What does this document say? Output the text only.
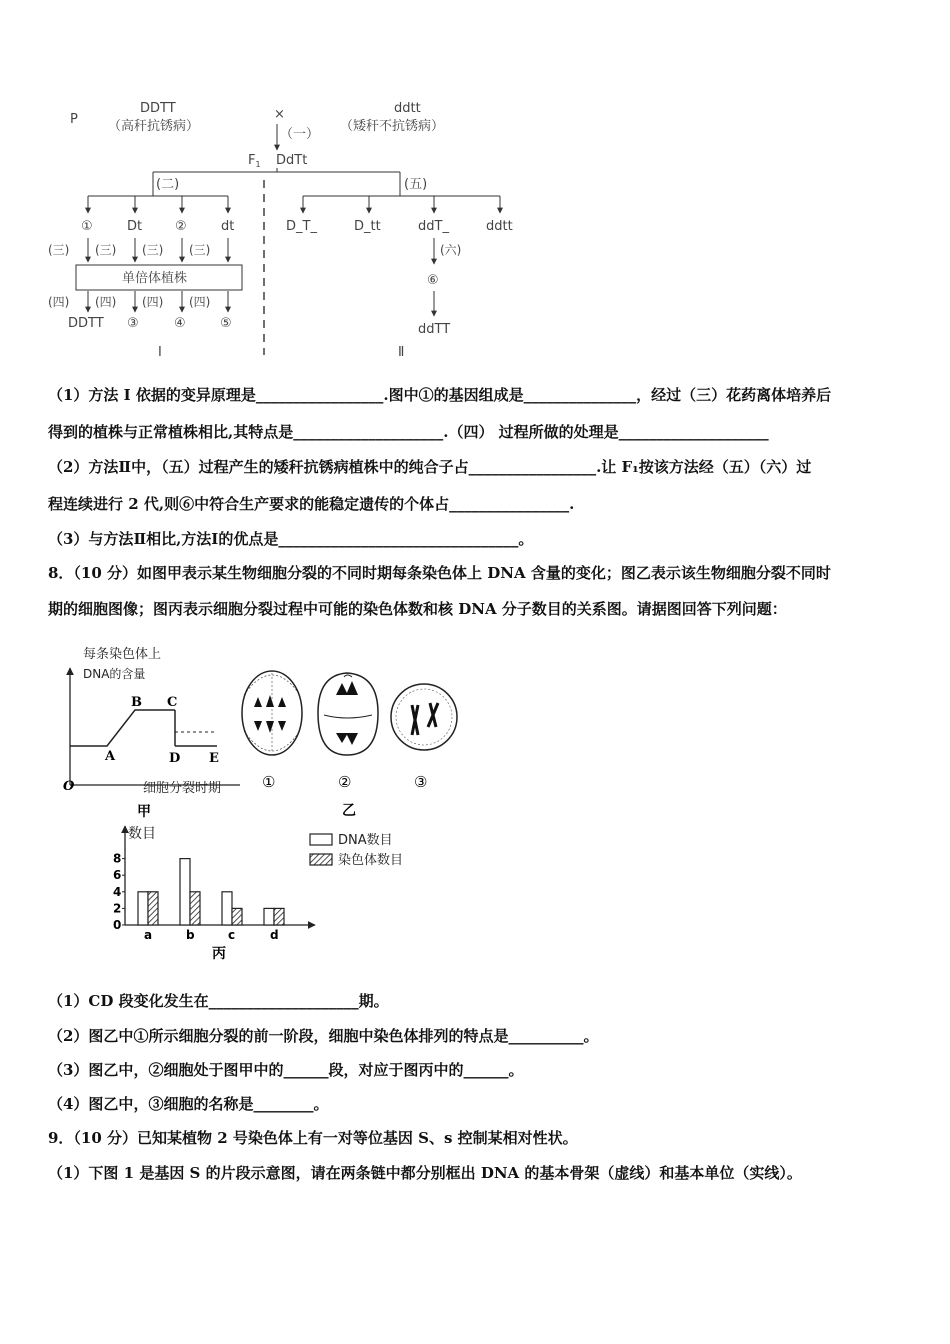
P
DDTT
（高秆抗锈病）
×
（一）
ddtt
（矮秆不抗锈病）
$F_1$ DdTt
(二)	(五)
①	Dt	②	dt	D_T_	D_tt	ddT_	ddtt
(三) (三) (三) (三)
单倍体植株
(四) (四) (四) (四)
DDTT ③	④	⑤
I	Ⅱ
(六)
⑥
ddTT
（1）方法 I 依据的变异原理是_________________.图中①的基因组成是_______________，经过（三）花药离体培养后
得到的植株与正常植株相比,其特点是____________________.（四） 过程所做的处理是____________________
（2）方法Ⅱ中，（五）过程产生的矮秆抗锈病植株中的纯合子占_________________.让 F₁按该方法经（五）（六）过
程连续进行 2 代,则⑥中符合生产要求的能稳定遗传的个体占________________.
（3）与方法Ⅱ相比,方法Ⅰ的优点是________________________________。
8．（10 分）如图甲表示某生物细胞分裂的不同时期每条染色体上 DNA 含量的变化；图乙表示该生物细胞分裂不同时
期的细胞图像；图丙表示细胞分裂过程中可能的染色体数和核 DNA 分子数目的关系图。请据图回答下列问题：
每条染色体上
DNA的含量
A
B C
D E
O	细胞分裂时期
甲
①	②	③
乙
数目
0
2
4
6
8
a	b	c	d
DNA数目
染色体数目
丙
（1）CD 段变化发生在____________________期。
（2）图乙中①所示细胞分裂的前一阶段，细胞中染色体排列的特点是__________。
（3）图乙中，②细胞处于图甲中的______段，对应于图丙中的______。
（4）图乙中，③细胞的名称是________。
9．（10 分）已知某植物 2 号染色体上有一对等位基因 S、s 控制某相对性状。
（1）下图 1 是基因 S 的片段示意图，请在两条链中都分别框出 DNA 的基本骨架（虚线）和基本单位（实线）。
